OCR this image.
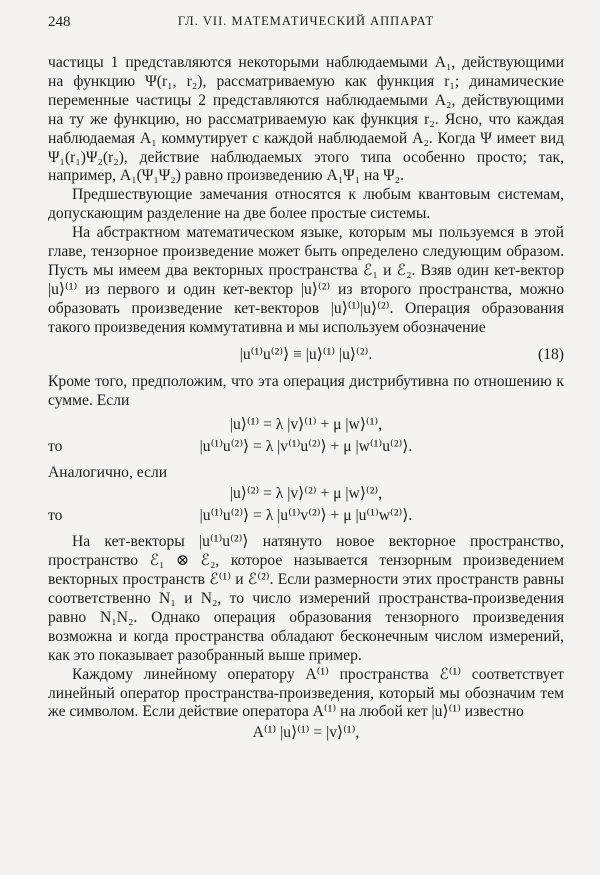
248	ГЛ. VII. МАТЕМАТИЧЕСКИЙ АППАРАТ

частицы 1 представляются некоторыми наблюдаемыми A₁, действующими на функцию Ψ(r₁, r₂), рассматриваемую как функция r₁; динамические переменные частицы 2 представляются наблюдаемыми A₂, действующими на ту же функцию, но рассматриваемую как функция r₂. Ясно, что каждая наблюдаемая A₁ коммутирует с каждой наблюдаемой A₂. Когда Ψ имеет вид Ψ₁(r₁)Ψ₂(r₂), действие наблюдаемых этого типа особенно просто; так, например, A₁(Ψ₁Ψ₂) равно произведению A₁Ψ₁ на Ψ₂.

Предшествующие замечания относятся к любым квантовым системам, допускающим разделение на две более простые системы.

На абстрактном математическом языке, которым мы пользуемся в этой главе, тензорное произведение может быть определено следующим образом. Пусть мы имеем два векторных пространства ℰ₁ и ℰ₂. Взяв один кет-вектор |u⟩⁽¹⁾ из первого и один кет-вектор |u⟩⁽²⁾ из второго пространства, можно образовать произведение кет-векторов |u⟩⁽¹⁾|u⟩⁽²⁾. Операция образования такого произведения коммутативна и мы используем обозначение

|u⁽¹⁾u⁽²⁾⟩ ≡ |u⟩⁽¹⁾ |u⟩⁽²⁾.	(18)

Кроме того, предположим, что эта операция дистрибутивна по отношению к сумме. Если

|u⟩⁽¹⁾ = λ |v⟩⁽¹⁾ + μ |w⟩⁽¹⁾,
то	|u⁽¹⁾u⁽²⁾⟩ = λ |v⁽¹⁾u⁽²⁾⟩ + μ |w⁽¹⁾u⁽²⁾⟩.

Аналогично, если

|u⟩⁽²⁾ = λ |v⟩⁽²⁾ + μ |w⟩⁽²⁾,
то	|u⁽¹⁾u⁽²⁾⟩ = λ |u⁽¹⁾v⁽²⁾⟩ + μ |u⁽¹⁾w⁽²⁾⟩.

На кет-векторы |u⁽¹⁾u⁽²⁾⟩ натянуто новое векторное пространство, пространство ℰ₁ ⊗ ℰ₂, которое называется тензорным произведением векторных пространств ℰ⁽¹⁾ и ℰ⁽²⁾. Если размерности этих пространств равны соответственно N₁ и N₂, то число измерений пространства-произведения равно N₁N₂. Однако операция образования тензорного произведения возможна и когда пространства обладают бесконечным числом измерений, как это показывает разобранный выше пример.

Каждому линейному оператору A⁽¹⁾ пространства ℰ⁽¹⁾ соответствует линейный оператор пространства-произведения, который мы обозначим тем же символом. Если действие оператора A⁽¹⁾ на любой кет |u⟩⁽¹⁾ известно

A⁽¹⁾ |u⟩⁽¹⁾ = |v⟩⁽¹⁾,
